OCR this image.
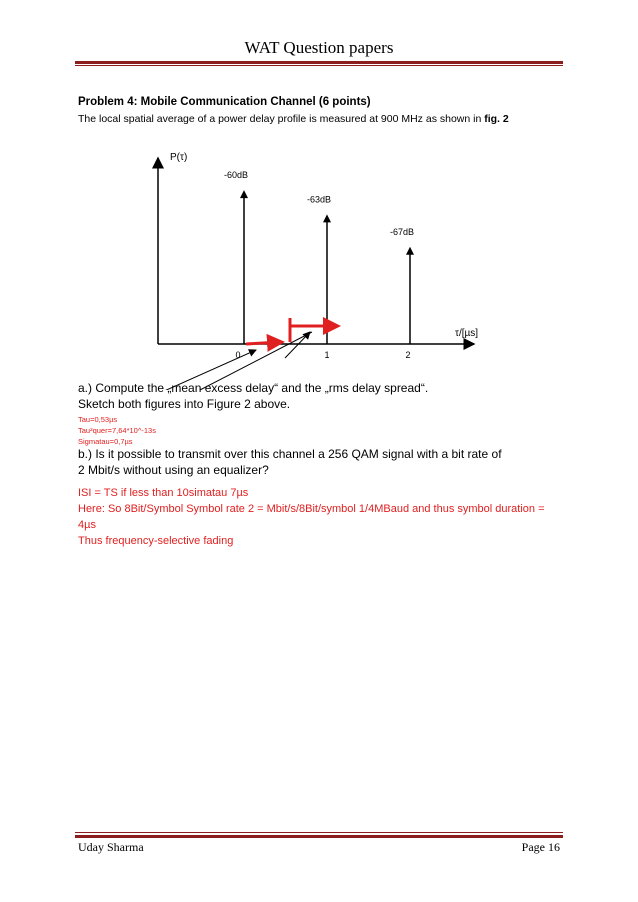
WAT Question papers
Problem 4: Mobile Communication Channel (6 points)
The local spatial average of a power delay profile is measured at 900 MHz as shown in fig. 2
P(τ)
τ/[µs]
0	1	2
-60dB
-63dB
-67dB
a.) Compute the „mean excess delay“ and the „rms delay spread“.
Sketch both figures into Figure 2 above.
Tau=0,53µs
Tau²quer=7,64*10^-13s
Sigmatau=0,7µs
b.) Is it possible to transmit over this channel a 256 QAM signal with a bit rate of
2 Mbit/s without using an equalizer?
ISI = TS if less than 10simatau 7µs
Here: So 8Bit/Symbol Symbol rate 2 = Mbit/s/8Bit/symbol 1/4MBaud and thus symbol duration =
4µs
Thus frequency-selective fading
Uday Sharma	Page 16
